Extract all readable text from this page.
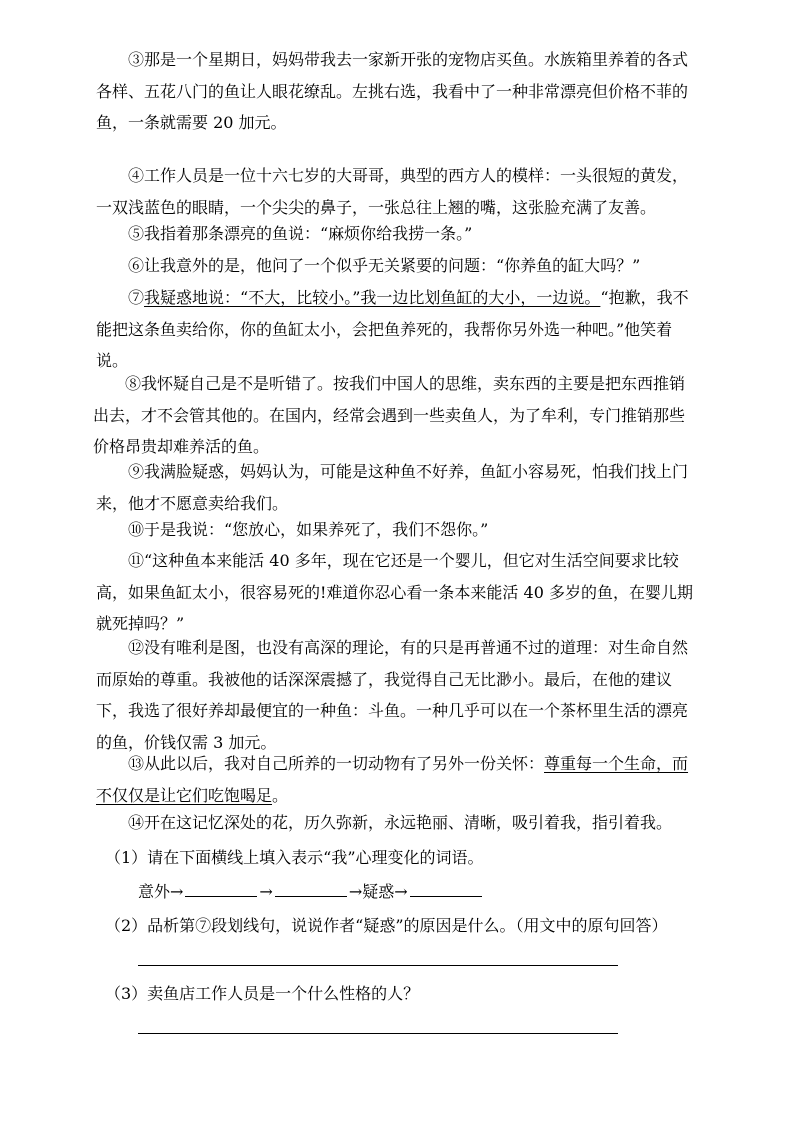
③那是一个星期日，妈妈带我去一家新开张的宠物店买鱼。水族箱里养着的各式各样、五花八门的鱼让人眼花缭乱。左挑右选，我看中了一种非常漂亮但价格不菲的鱼，一条就需要 20 加元。

④工作人员是一位十六七岁的大哥哥，典型的西方人的模样：一头很短的黄发，一双浅蓝色的眼睛，一个尖尖的鼻子，一张总往上翘的嘴，这张脸充满了友善。

⑤我指着那条漂亮的鱼说：“麻烦你给我捞一条。”

⑥让我意外的是，他问了一个似乎无关紧要的问题：“你养鱼的缸大吗？”

⑦我疑惑地说：“不大，比较小。”我一边比划鱼缸的大小，一边说。“抱歉，我不能把这条鱼卖给你，你的鱼缸太小，会把鱼养死的，我帮你另外选一种吧。”他笑着说。

⑧我怀疑自己是不是听错了。按我们中国人的思维，卖东西的主要是把东西推销出去，才不会管其他的。在国内，经常会遇到一些卖鱼人，为了牟利，专门推销那些价格昂贵却难养活的鱼。

⑨我满脸疑惑，妈妈认为，可能是这种鱼不好养，鱼缸小容易死，怕我们找上门来，他才不愿意卖给我们。

⑩于是我说：“您放心，如果养死了，我们不怨你。”

⑪“这种鱼本来能活 40 多年，现在它还是一个婴儿，但它对生活空间要求比较高，如果鱼缸太小，很容易死的!难道你忍心看一条本来能活 40 多岁的鱼，在婴儿期就死掉吗？”

⑫没有唯利是图，也没有高深的理论，有的只是再普通不过的道理：对生命自然而原始的尊重。我被他的话深深震撼了，我觉得自己无比渺小。最后，在他的建议下，我选了很好养却最便宜的一种鱼：斗鱼。一种几乎可以在一个茶杯里生活的漂亮的鱼，价钱仅需 3 加元。

⑬从此以后，我对自己所养的一切动物有了另外一份关怀：尊重每一个生命，而不仅仅是让它们吃饱喝足。

⑭开在这记忆深处的花，历久弥新，永远艳丽、清晰，吸引着我，指引着我。

（1）请在下面横线上填入表示“我”心理变化的词语。

意外→	→	→疑惑→

（2）品析第⑦段划线句，说说作者“疑惑”的原因是什么。（用文中的原句回答）

（3）卖鱼店工作人员是一个什么性格的人？
